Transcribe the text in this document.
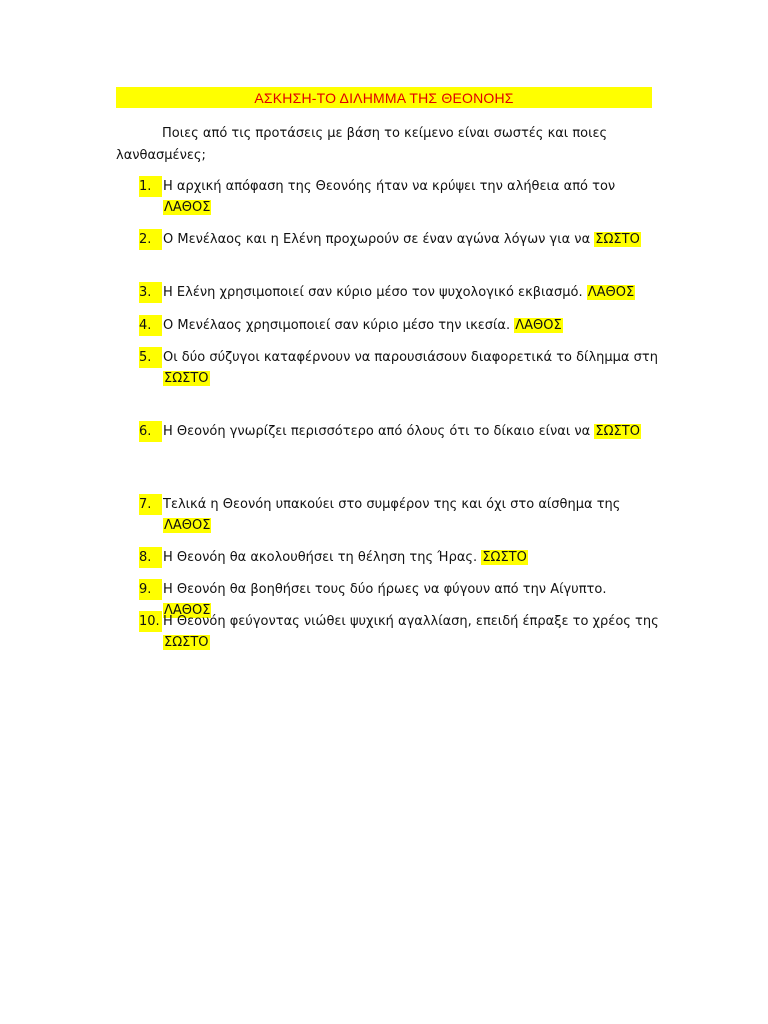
ΑΣΚΗΣΗ-ΤΟ ΔΙΛΗΜΜΑ ΤΗΣ ΘΕΟΝΟΗΣ
Ποιες από τις προτάσεις με βάση το κείμενο είναι σωστές και ποιες λανθασμένες;
1. Η αρχική απόφαση της Θεονόης ήταν να κρύψει την αλήθεια από τον ΛΑΘΟΣ
2. Ο Μενέλαος και η Ελένη προχωρούν σε έναν αγώνα λόγων για να ΣΩΣΤΟ
3. Η Ελένη χρησιμοποιεί σαν κύριο μέσο τον ψυχολογικό εκβιασμό. ΛΑΘΟΣ
4. Ο Μενέλαος χρησιμοποιεί σαν κύριο μέσο την ικεσία. ΛΑΘΟΣ
5. Οι δύο σύζυγοι καταφέρνουν να παρουσιάσουν διαφορετικά το δίλημμα στη ΣΩΣΤΟ
6. Η Θεονόη γνωρίζει περισσότερο από όλους ότι το δίκαιο είναι να ΣΩΣΤΟ
7. Τελικά η Θεονόη υπακούει στο συμφέρον της και όχι στο αίσθημα της ΛΑΘΟΣ
8. Η Θεονόη θα ακολουθήσει τη θέληση της Ήρας. ΣΩΣΤΟ
9. Η Θεονόη θα βοηθήσει τους δύο ήρωες να φύγουν από την Αίγυπτο. ΛΑΘΟΣ
10. Η Θεονόη φεύγοντας νιώθει ψυχική αγαλλίαση, επειδή έπραξε το χρέος της ΣΩΣΤΟ
